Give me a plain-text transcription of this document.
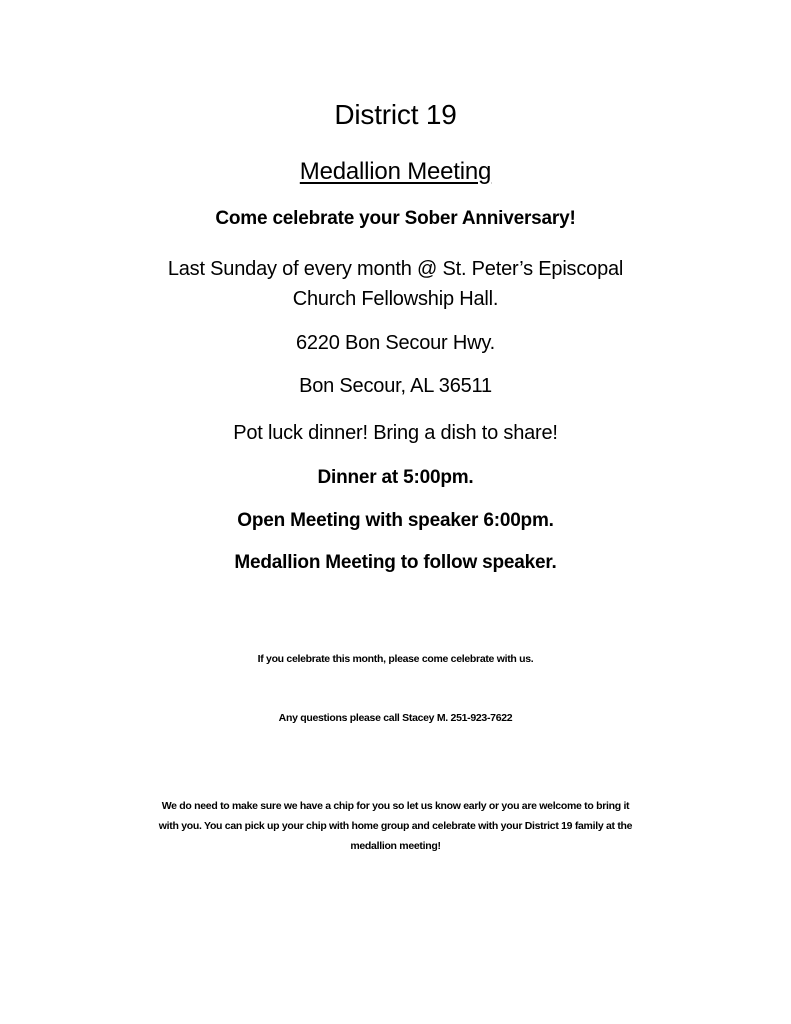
District 19
Medallion Meeting
Come celebrate your Sober Anniversary!
Last Sunday of every month @ St. Peter’s Episcopal
Church Fellowship Hall.
6220 Bon Secour Hwy.
Bon Secour, AL 36511
Pot luck dinner! Bring a dish to share!
Dinner at 5:00pm.
Open Meeting with speaker 6:00pm.
Medallion Meeting to follow speaker.
If you celebrate this month, please come celebrate with us.
Any questions please call Stacey M. 251-923-7622
We do need to make sure we have a chip for you so let us know early or you are welcome to bring it
with you. You can pick up your chip with home group and celebrate with your District 19 family at the
medallion meeting!
